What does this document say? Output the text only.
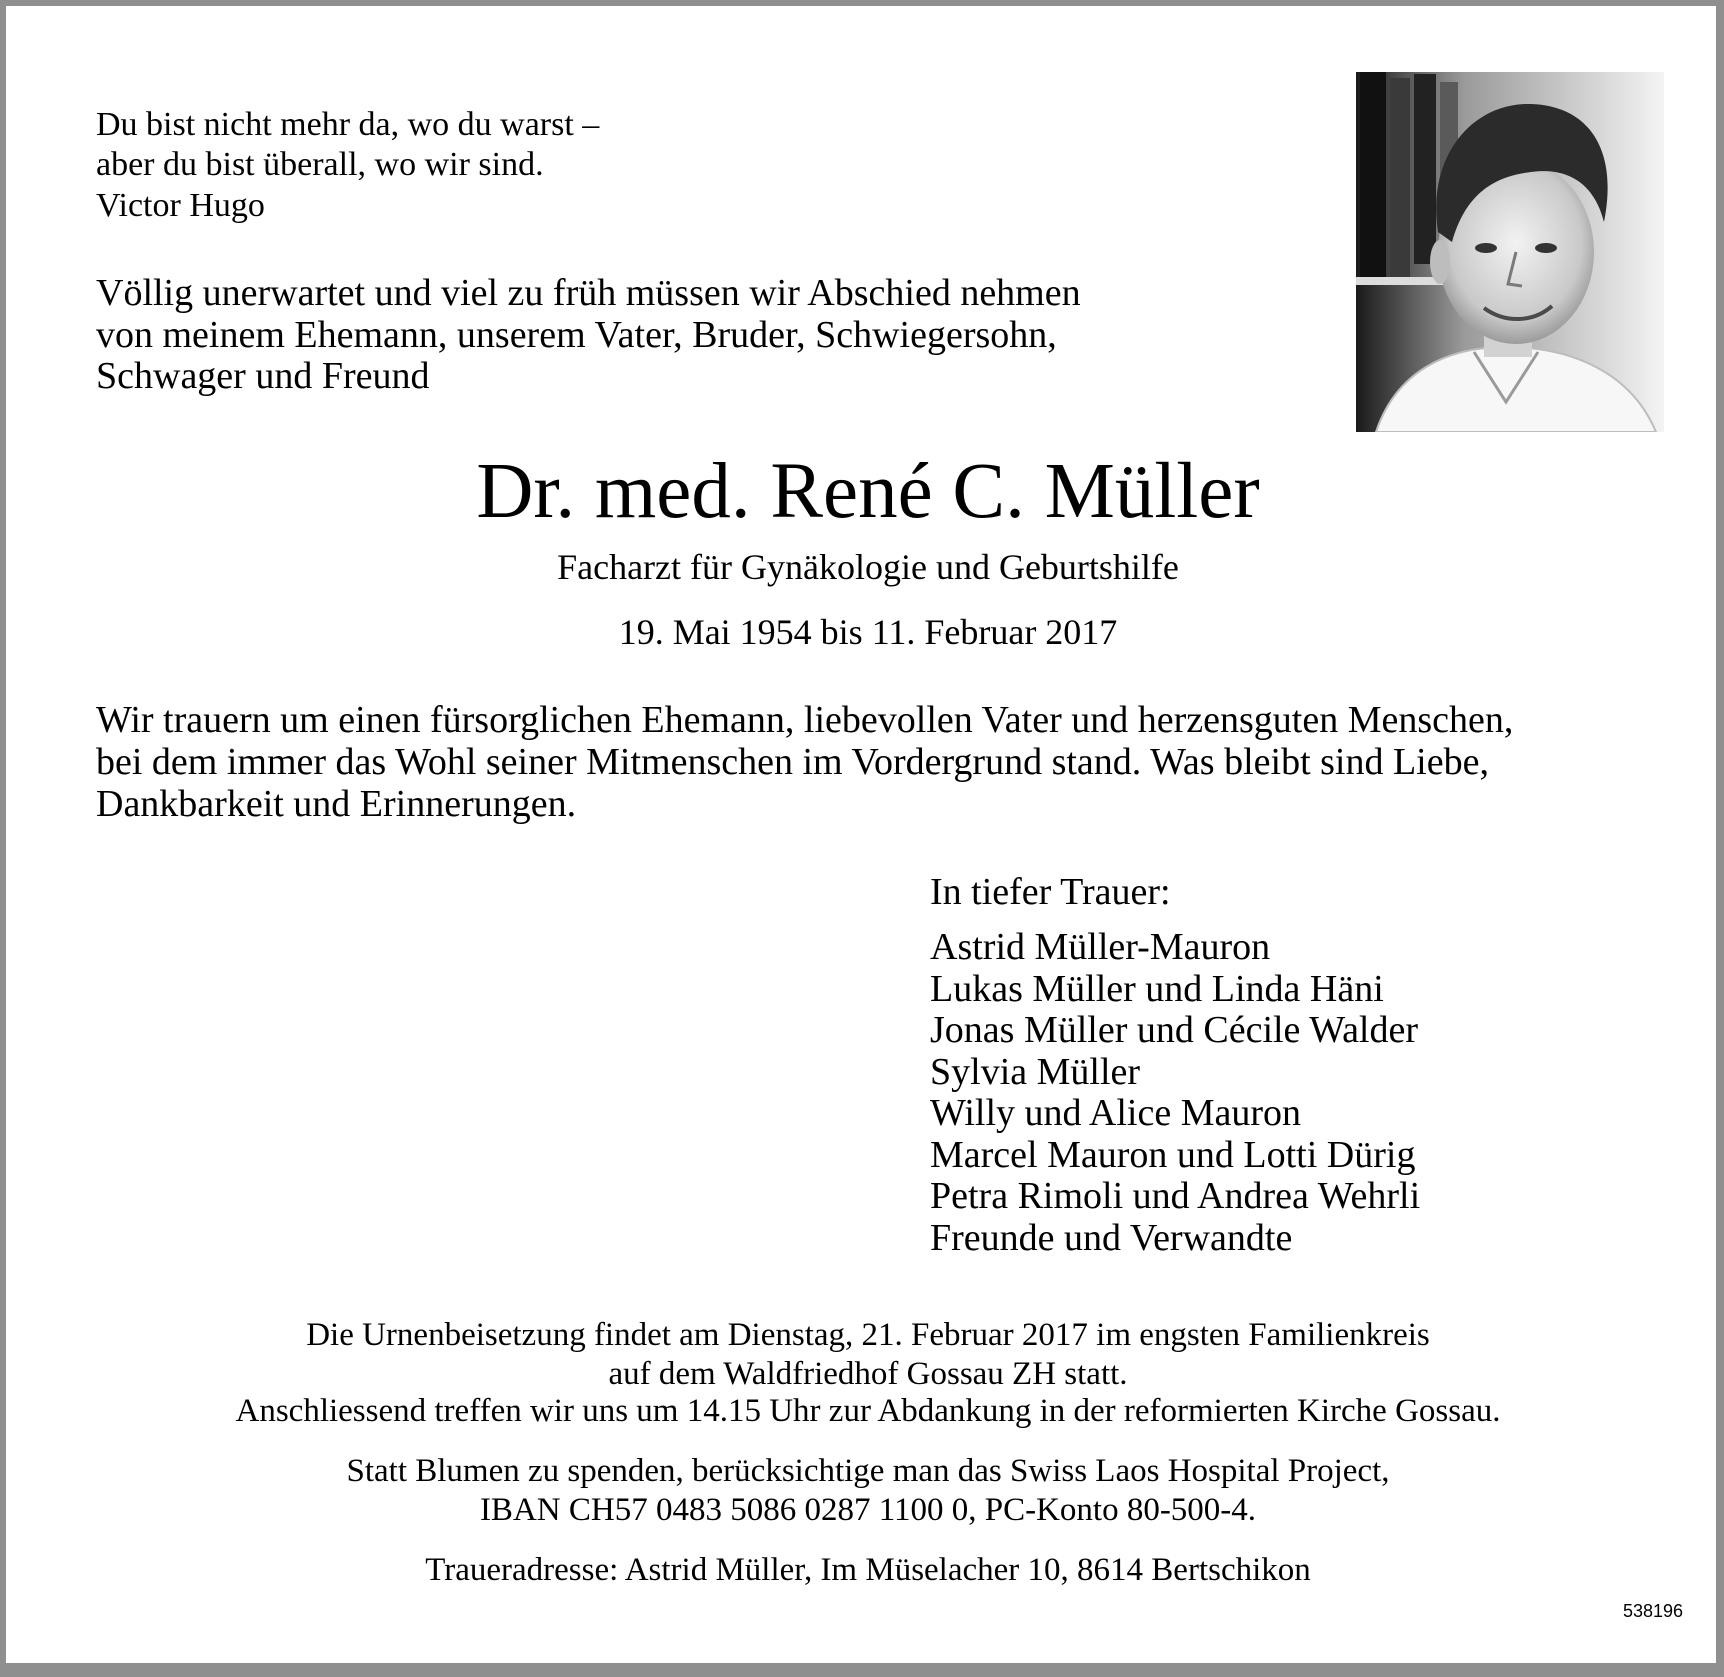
Du bist nicht mehr da, wo du warst –
aber du bist überall, wo wir sind.
Victor Hugo
Völlig unerwartet und viel zu früh müssen wir Abschied nehmen
von meinem Ehemann, unserem Vater, Bruder, Schwiegersohn,
Schwager und Freund
Dr. med. René C. Müller
Facharzt für Gynäkologie und Geburtshilfe
19. Mai 1954 bis 11. Februar 2017
Wir trauern um einen fürsorglichen Ehemann, liebevollen Vater und herzensguten Menschen,
bei dem immer das Wohl seiner Mitmenschen im Vordergrund stand. Was bleibt sind Liebe,
Dankbarkeit und Erinnerungen.
In tiefer Trauer:
Astrid Müller-Mauron
Lukas Müller und Linda Häni
Jonas Müller und Cécile Walder
Sylvia Müller
Willy und Alice Mauron
Marcel Mauron und Lotti Dürig
Petra Rimoli und Andrea Wehrli
Freunde und Verwandte
Die Urnenbeisetzung findet am Dienstag, 21. Februar 2017 im engsten Familienkreis
auf dem Waldfriedhof Gossau ZH statt.
Anschliessend treffen wir uns um 14.15 Uhr zur Abdankung in der reformierten Kirche Gossau.
Statt Blumen zu spenden, berücksichtige man das Swiss Laos Hospital Project,
IBAN CH57 0483 5086 0287 1100 0, PC-Konto 80-500-4.
Traueradresse: Astrid Müller, Im Müselacher 10, 8614 Bertschikon
538196
